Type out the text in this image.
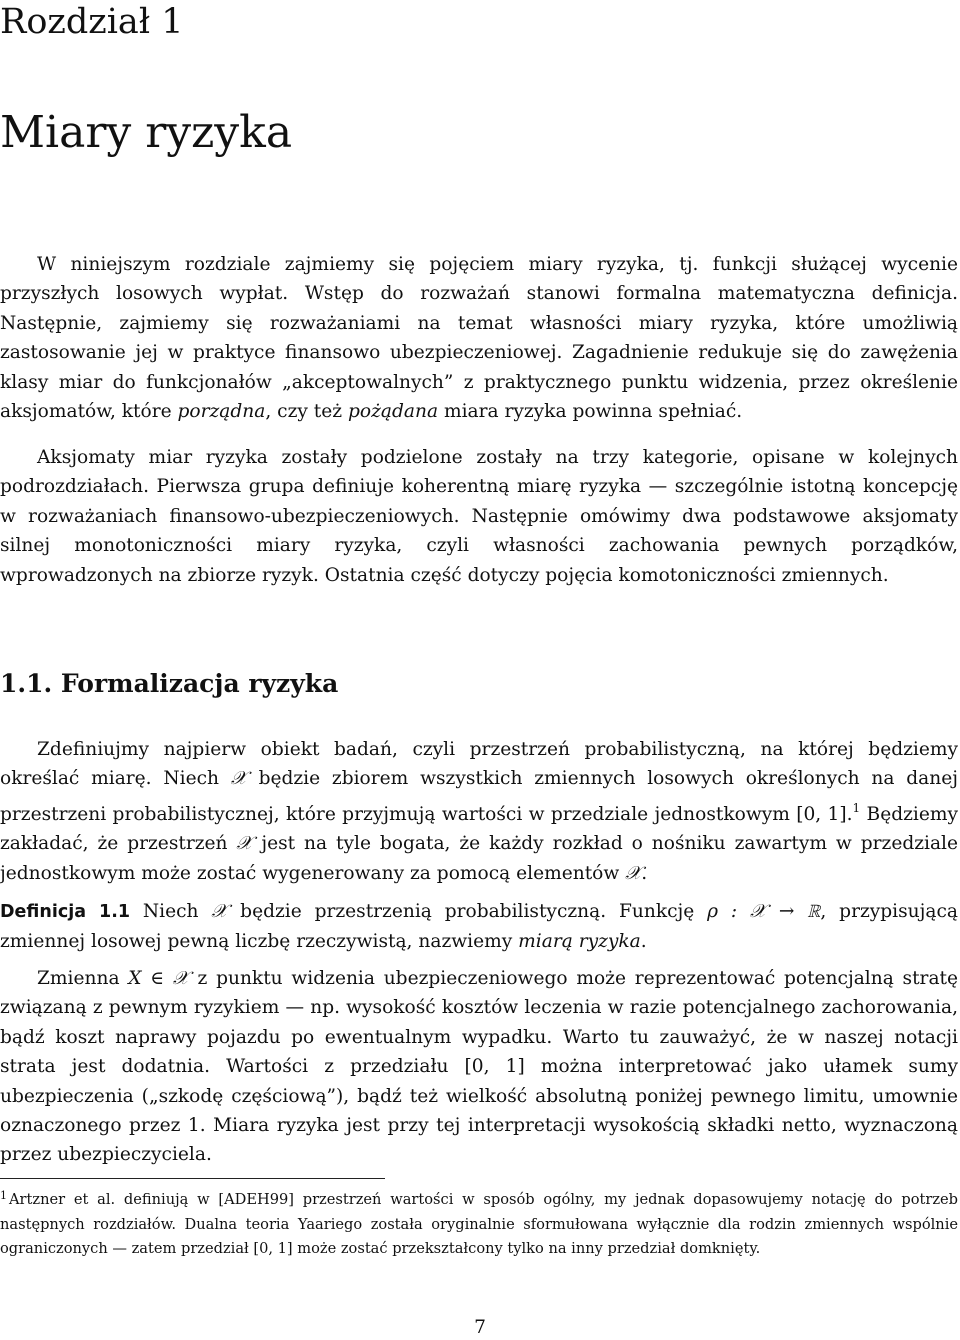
Rozdział 1
Miary ryzyka

W niniejszym rozdziale zajmiemy się pojęciem miary ryzyka, tj. funkcji służącej wycenie przyszłych losowych wypłat. Wstęp do rozważań stanowi formalna matematyczna definicja. Następnie, zajmiemy się rozważaniami na temat własności miary ryzyka, które umożliwią zastosowanie jej w praktyce finansowo ubezpieczeniowej. Zagadnienie redukuje się do zawężenia klasy miar do funkcjonałów „akceptowalnych” z praktycznego punktu widzenia, przez określenie aksjomatów, które porządna, czy też pożądana miara ryzyka powinna spełniać.

Aksjomaty miar ryzyka zostały podzielone zostały na trzy kategorie, opisane w kolejnych podrozdziałach. Pierwsza grupa definiuje koherentną miarę ryzyka — szczególnie istotną koncepcję w rozważaniach finansowo-ubezpieczeniowych. Następnie omówimy dwa podstawowe aksjomaty silnej monotoniczności miary ryzyka, czyli własności zachowania pewnych porządków, wprowadzonych na zbiorze ryzyk. Ostatnia część dotyczy pojęcia komotoniczności zmiennych.

1.1. Formalizacja ryzyka

Zdefiniujmy najpierw obiekt badań, czyli przestrzeń probabilistyczną, na której będziemy określać miarę. Niech 𝒳 będzie zbiorem wszystkich zmiennych losowych określonych na danej przestrzeni probabilistycznej, które przyjmują wartości w przedziale jednostkowym [0, 1].$^1$ Będziemy zakładać, że przestrzeń 𝒳 jest na tyle bogata, że każdy rozkład o nośniku zawartym w przedziale jednostkowym może zostać wygenerowany za pomocą elementów 𝒳.

Definicja 1.1 Niech 𝒳 będzie przestrzenią probabilistyczną. Funkcję ρ : 𝒳 → ℝ, przypisującą zmiennej losowej pewną liczbę rzeczywistą, nazwiemy miarą ryzyka.

Zmienna X ∈ 𝒳 z punktu widzenia ubezpieczeniowego może reprezentować potencjalną stratę związaną z pewnym ryzykiem — np. wysokość kosztów leczenia w razie potencjalnego zachorowania, bądź koszt naprawy pojazdu po ewentualnym wypadku. Warto tu zauważyć, że w naszej notacji strata jest dodatnia. Wartości z przedziału [0, 1] można interpretować jako ułamek sumy ubezpieczenia („szkodę częściową”), bądź też wielkość absolutną poniżej pewnego limitu, umownie oznaczonego przez 1. Miara ryzyka jest przy tej interpretacji wysokością składki netto, wyznaczoną przez ubezpieczyciela.

$^1$ Artzner et al. definiują w [ADEH99] przestrzeń wartości w sposób ogólny, my jednak dopasowujemy notację do potrzeb następnych rozdziałów. Dualna teoria Yaariego została oryginalnie sformułowana wyłącznie dla rodzin zmiennych wspólnie ograniczonych — zatem przedział [0, 1] może zostać przekształcony tylko na inny przedział domknięty.

7
